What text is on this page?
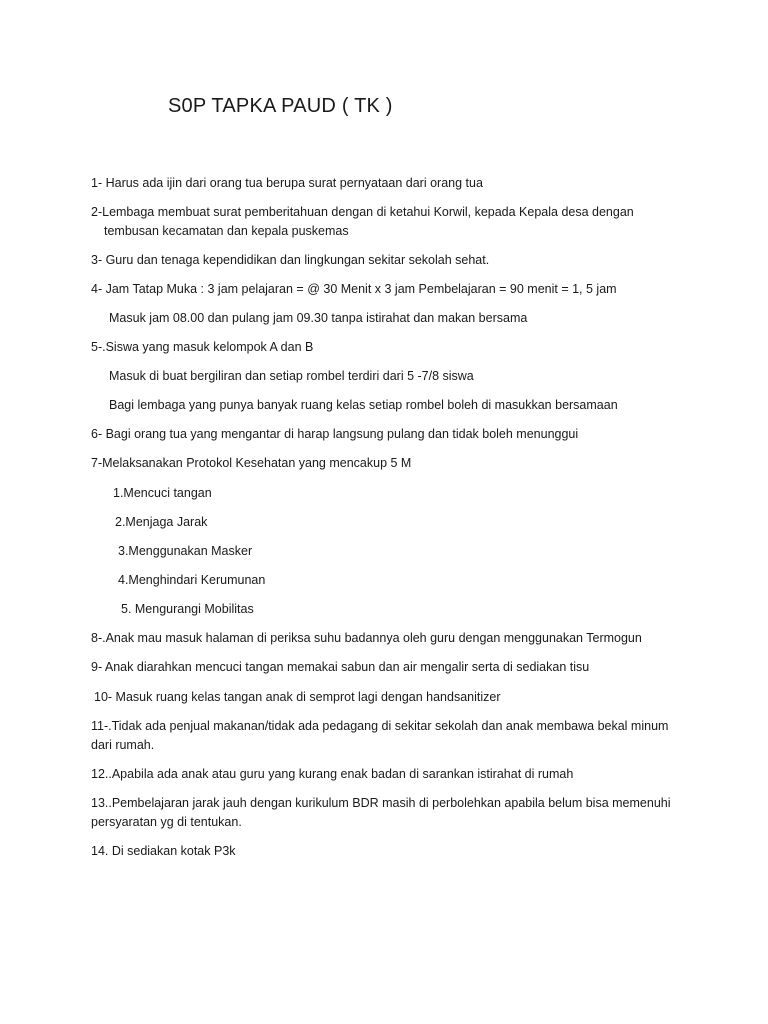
S0P TAPKA PAUD ( TK )
1- Harus ada ijin dari orang tua berupa surat pernyataan dari orang tua
2-Lembaga membuat surat pemberitahuan dengan di ketahui Korwil, kepada Kepala desa dengan
tembusan kecamatan dan kepala puskemas
3- Guru dan tenaga kependidikan dan lingkungan sekitar sekolah sehat.
4- Jam Tatap Muka : 3 jam pelajaran = @ 30 Menit x 3 jam Pembelajaran = 90 menit = 1, 5 jam
Masuk jam 08.00 dan pulang jam 09.30 tanpa istirahat dan makan bersama
5-.Siswa yang masuk kelompok A dan B
Masuk di buat bergiliran dan setiap rombel terdiri dari 5 -7/8 siswa
Bagi lembaga yang punya banyak ruang kelas setiap rombel boleh di masukkan bersamaan
6- Bagi orang tua yang mengantar di harap langsung pulang dan tidak boleh menunggui
7-Melaksanakan Protokol Kesehatan yang mencakup 5 M
1.Mencuci tangan
2.Menjaga Jarak
3.Menggunakan Masker
4.Menghindari Kerumunan
5. Mengurangi Mobilitas
8-.Anak mau masuk halaman di periksa suhu badannya oleh guru dengan menggunakan Termogun
9- Anak diarahkan mencuci tangan memakai sabun dan air mengalir serta di sediakan tisu
10- Masuk ruang kelas tangan anak di semprot lagi dengan handsanitizer
11-.Tidak ada penjual makanan/tidak ada pedagang di sekitar sekolah dan anak membawa bekal minum
dari rumah.
12..Apabila ada anak atau guru yang kurang enak badan di sarankan istirahat di rumah
13..Pembelajaran jarak jauh dengan kurikulum BDR masih di perbolehkan apabila belum bisa memenuhi
persyaratan yg di tentukan.
14. Di sediakan kotak P3k
